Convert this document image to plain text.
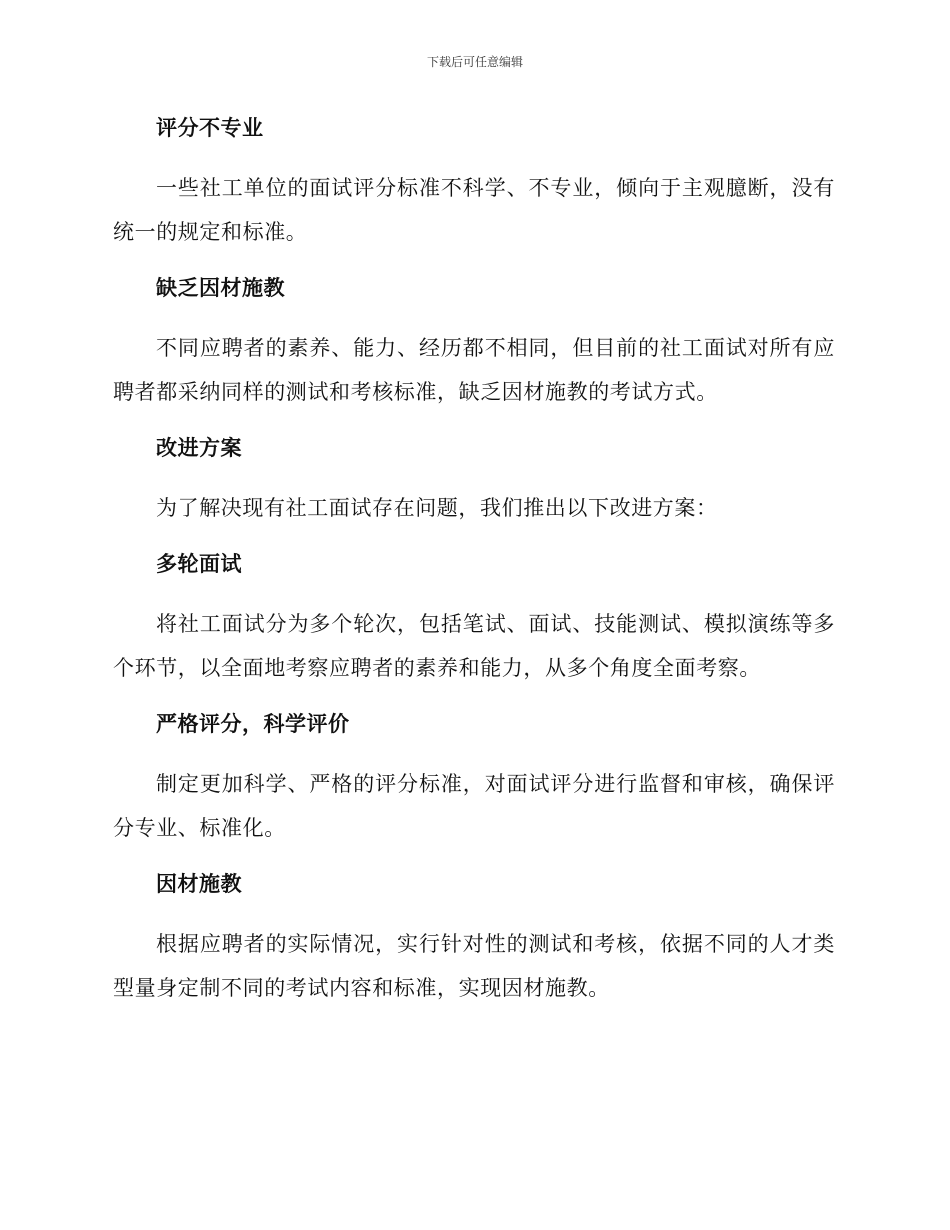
下载后可任意编辑
评分不专业

一些社工单位的面试评分标准不科学、不专业，倾向于主观臆断，没有统一的规定和标准。

缺乏因材施教

不同应聘者的素养、能力、经历都不相同，但目前的社工面试对所有应聘者都采纳同样的测试和考核标准，缺乏因材施教的考试方式。

改进方案

为了解决现有社工面试存在问题，我们推出以下改进方案：

多轮面试

将社工面试分为多个轮次，包括笔试、面试、技能测试、模拟演练等多个环节，以全面地考察应聘者的素养和能力，从多个角度全面考察。

严格评分，科学评价

制定更加科学、严格的评分标准，对面试评分进行监督和审核，确保评分专业、标准化。

因材施教

根据应聘者的实际情况，实行针对性的测试和考核，依据不同的人才类型量身定制不同的考试内容和标准，实现因材施教。
